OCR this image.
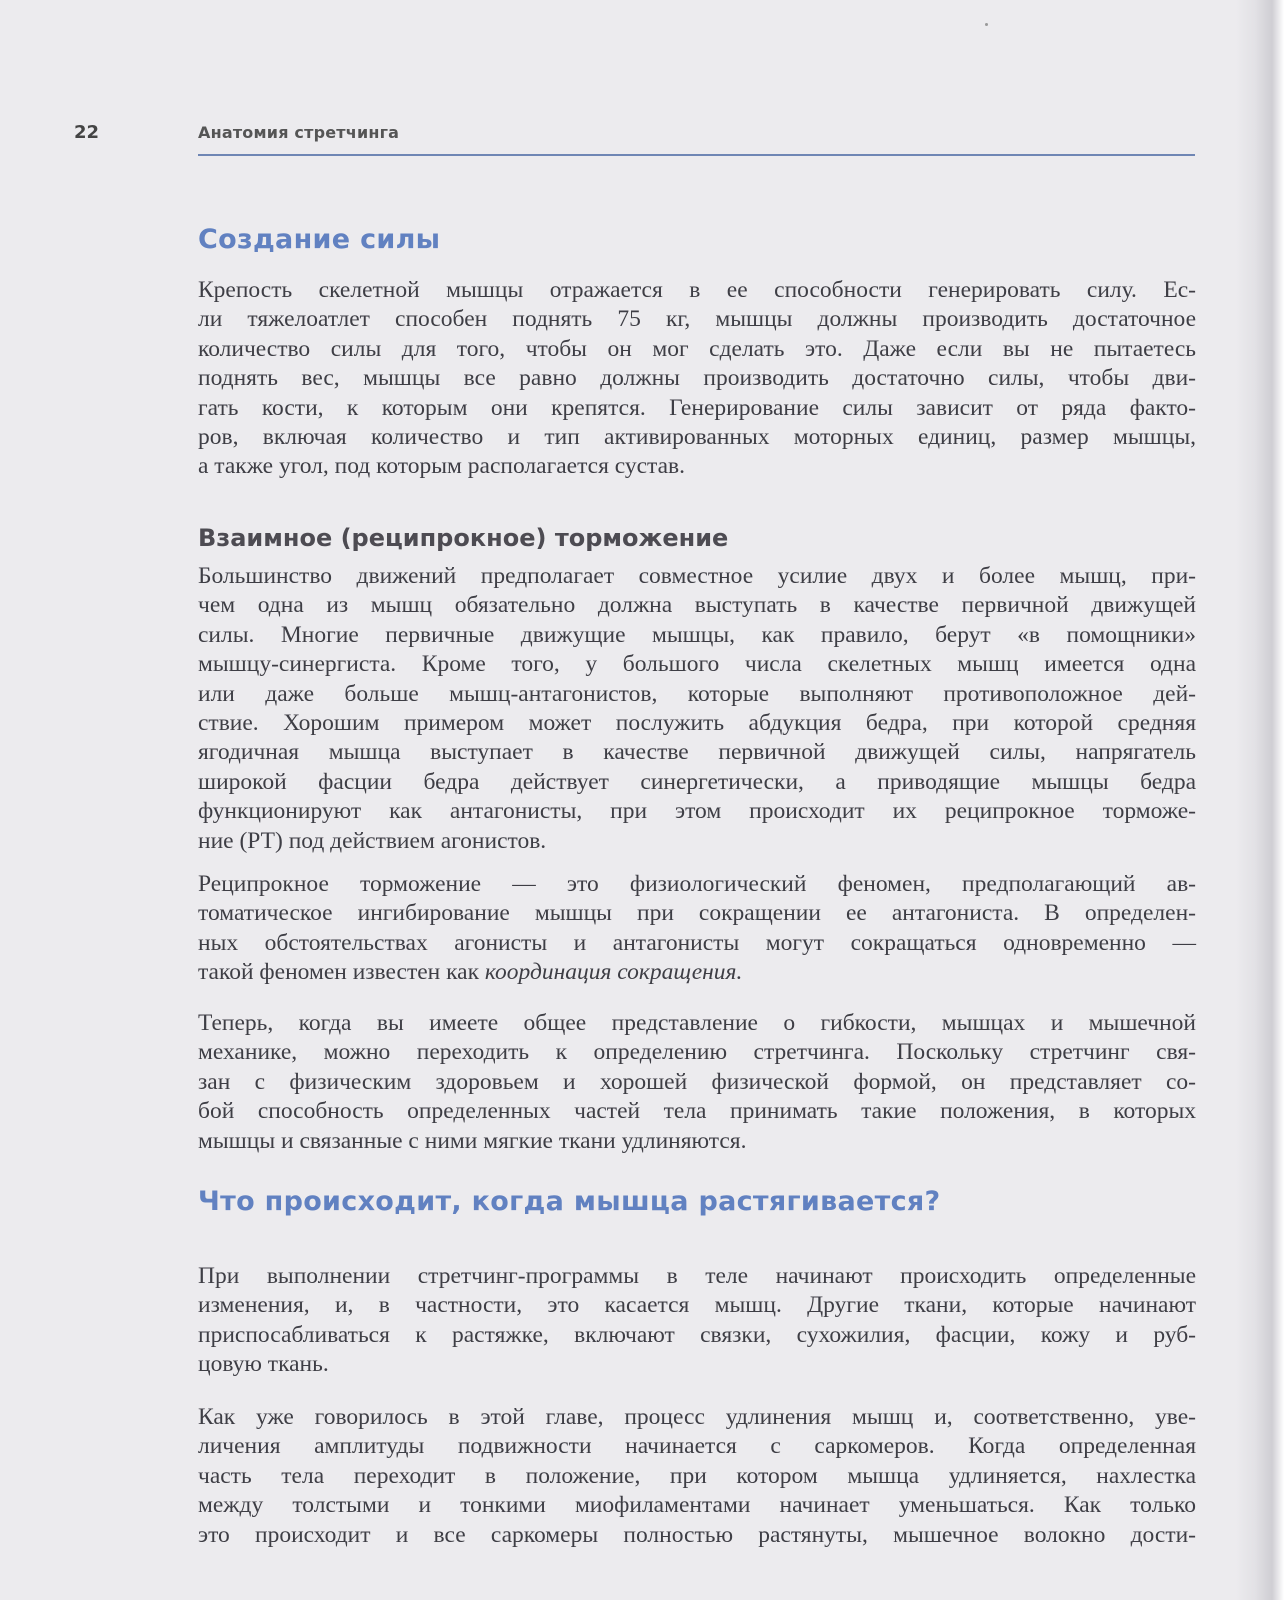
22	Анатомия стретчинга
Создание силы
Крепость скелетной мышцы отражается в ее способности генерировать силу. Ес-
ли тяжелоатлет способен поднять 75 кг, мышцы должны производить достаточное
количество силы для того, чтобы он мог сделать это. Даже если вы не пытаетесь
поднять вес, мышцы все равно должны производить достаточно силы, чтобы дви-
гать кости, к которым они крепятся. Генерирование силы зависит от ряда факто-
ров, включая количество и тип активированных моторных единиц, размер мышцы,
а также угол, под которым располагается сустав.
Взаимное (реципрокное) торможение
Большинство движений предполагает совместное усилие двух и более мышц, при-
чем одна из мышц обязательно должна выступать в качестве первичной движущей
силы. Многие первичные движущие мышцы, как правило, берут «в помощники»
мышцу-синергиста. Кроме того, у большого числа скелетных мышц имеется одна
или даже больше мышц-антагонистов, которые выполняют противоположное дей-
ствие. Хорошим примером может послужить абдукция бедра, при которой средняя
ягодичная мышца выступает в качестве первичной движущей силы, напрягатель
широкой фасции бедра действует синергетически, а приводящие мышцы бедра
функционируют как антагонисты, при этом происходит их реципрокное торможе-
ние (РТ) под действием агонистов.
Реципрокное торможение — это физиологический феномен, предполагающий ав-
томатическое ингибирование мышцы при сокращении ее антагониста. В определен-
ных обстоятельствах агонисты и антагонисты могут сокращаться одновременно —
такой феномен известен как координация сокращения.
Теперь, когда вы имеете общее представление о гибкости, мышцах и мышечной
механике, можно переходить к определению стретчинга. Поскольку стретчинг свя-
зан с физическим здоровьем и хорошей физической формой, он представляет со-
бой способность определенных частей тела принимать такие положения, в которых
мышцы и связанные с ними мягкие ткани удлиняются.
Что происходит, когда мышца растягивается?
При выполнении стретчинг-программы в теле начинают происходить определенные
изменения, и, в частности, это касается мышц. Другие ткани, которые начинают
приспосабливаться к растяжке, включают связки, сухожилия, фасции, кожу и руб-
цовую ткань.
Как уже говорилось в этой главе, процесс удлинения мышц и, соответственно, уве-
личения амплитуды подвижности начинается с саркомеров. Когда определенная
часть тела переходит в положение, при котором мышца удлиняется, нахлестка
между толстыми и тонкими миофиламентами начинает уменьшаться. Как только
это происходит и все саркомеры полностью растянуты, мышечное волокно дости-
